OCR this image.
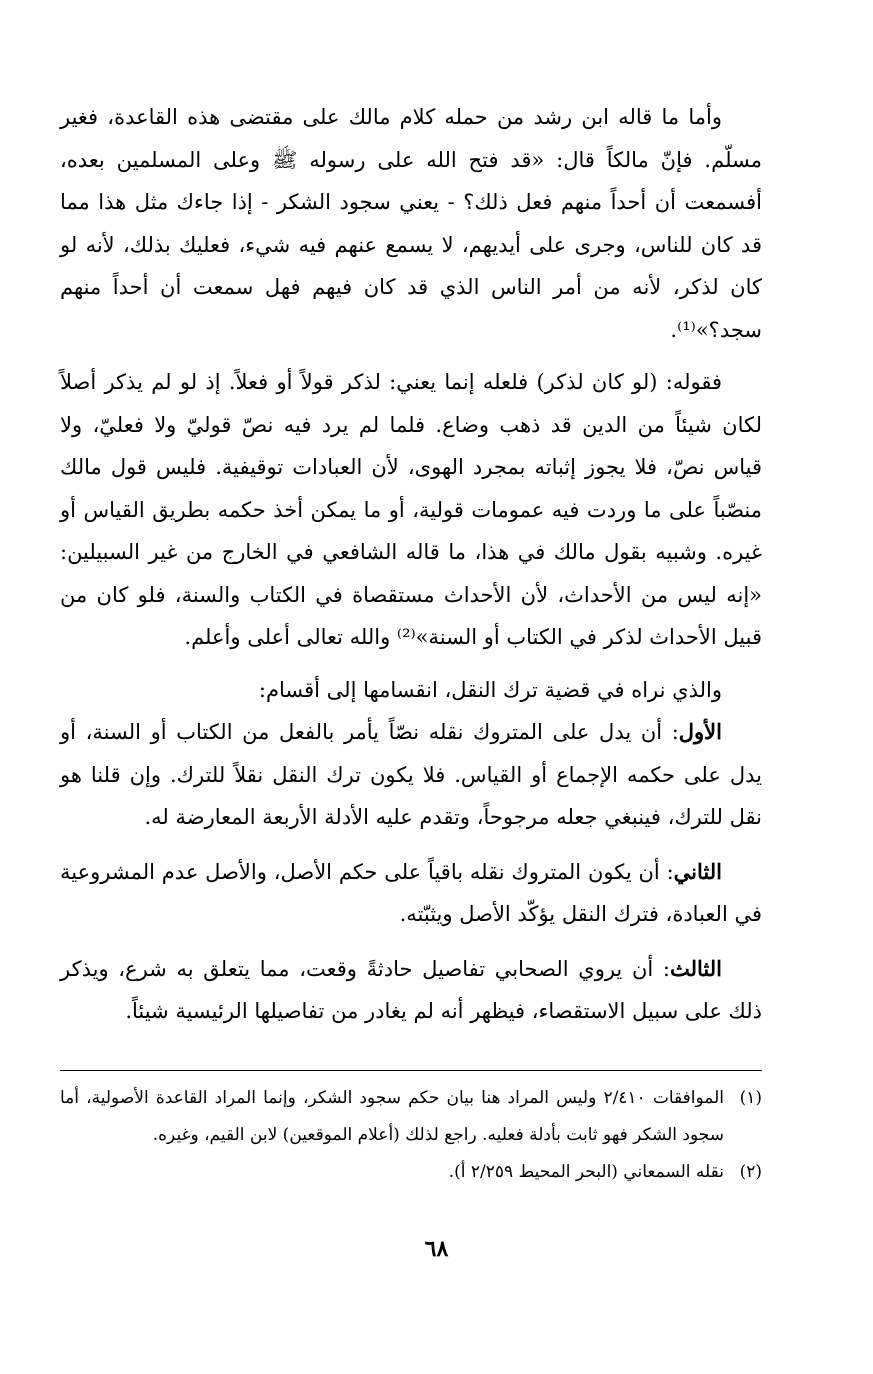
وأما ما قاله ابن رشد من حمله كلام مالك على مقتضى هذه القاعدة، فغير مسلّم. فإنّ مالكاً قال: «قد فتح الله على رسوله ﷺ وعلى المسلمين بعده، أفسمعت أن أحداً منهم فعل ذلك؟ - يعني سجود الشكر - إذا جاءك مثل هذا مما قد كان للناس، وجرى على أيديهم، لا يسمع عنهم فيه شيء، فعليك بذلك، لأنه لو كان لذكر، لأنه من أمر الناس الذي قد كان فيهم فهل سمعت أن أحداً منهم سجد؟»⁽¹⁾.

فقوله: (لو كان لذكر) فلعله إنما يعني: لذكر قولاً أو فعلاً. إذ لو لم يذكر أصلاً لكان شيئاً من الدين قد ذهب وضاع. فلما لم يرد فيه نصّ قوليّ ولا فعليّ، ولا قياس نصّ، فلا يجوز إثباته بمجرد الهوى، لأن العبادات توقيفية. فليس قول مالك منصّباً على ما وردت فيه عمومات قولية، أو ما يمكن أخذ حكمه بطريق القياس أو غيره. وشبيه بقول مالك في هذا، ما قاله الشافعي في الخارج من غير السبيلين: «إنه ليس من الأحداث، لأن الأحداث مستقصاة في الكتاب والسنة، فلو كان من قبيل الأحداث لذكر في الكتاب أو السنة»⁽²⁾ والله تعالى أعلى وأعلم.

والذي نراه في قضية ترك النقل، انقسامها إلى أقسام:

الأول: أن يدل على المتروك نقله نصّاً يأمر بالفعل من الكتاب أو السنة، أو يدل على حكمه الإجماع أو القياس. فلا يكون ترك النقل نقلاً للترك. وإن قلنا هو نقل للترك، فينبغي جعله مرجوحاً، وتقدم عليه الأدلة الأربعة المعارضة له.

الثاني: أن يكون المتروك نقله باقياً على حكم الأصل، والأصل عدم المشروعية في العبادة، فترك النقل يؤكّد الأصل ويثبّته.

الثالث: أن يروي الصحابي تفاصيل حادثةً وقعت، مما يتعلق به شرع، ويذكر ذلك على سبيل الاستقصاء، فيظهر أنه لم يغادر من تفاصيلها الرئيسية شيئاً.

(١)
الموافقات ٢/٤١٠ وليس المراد هنا بيان حكم سجود الشكر، وإنما المراد القاعدة الأصولية، أما سجود الشكر فهو ثابت بأدلة فعليه. راجع لذلك (أعلام الموقعين) لابن القيم، وغيره.

(٢)
نقله السمعاني (البحر المحيط ٢/٢٥٩ أ).

٦٨
